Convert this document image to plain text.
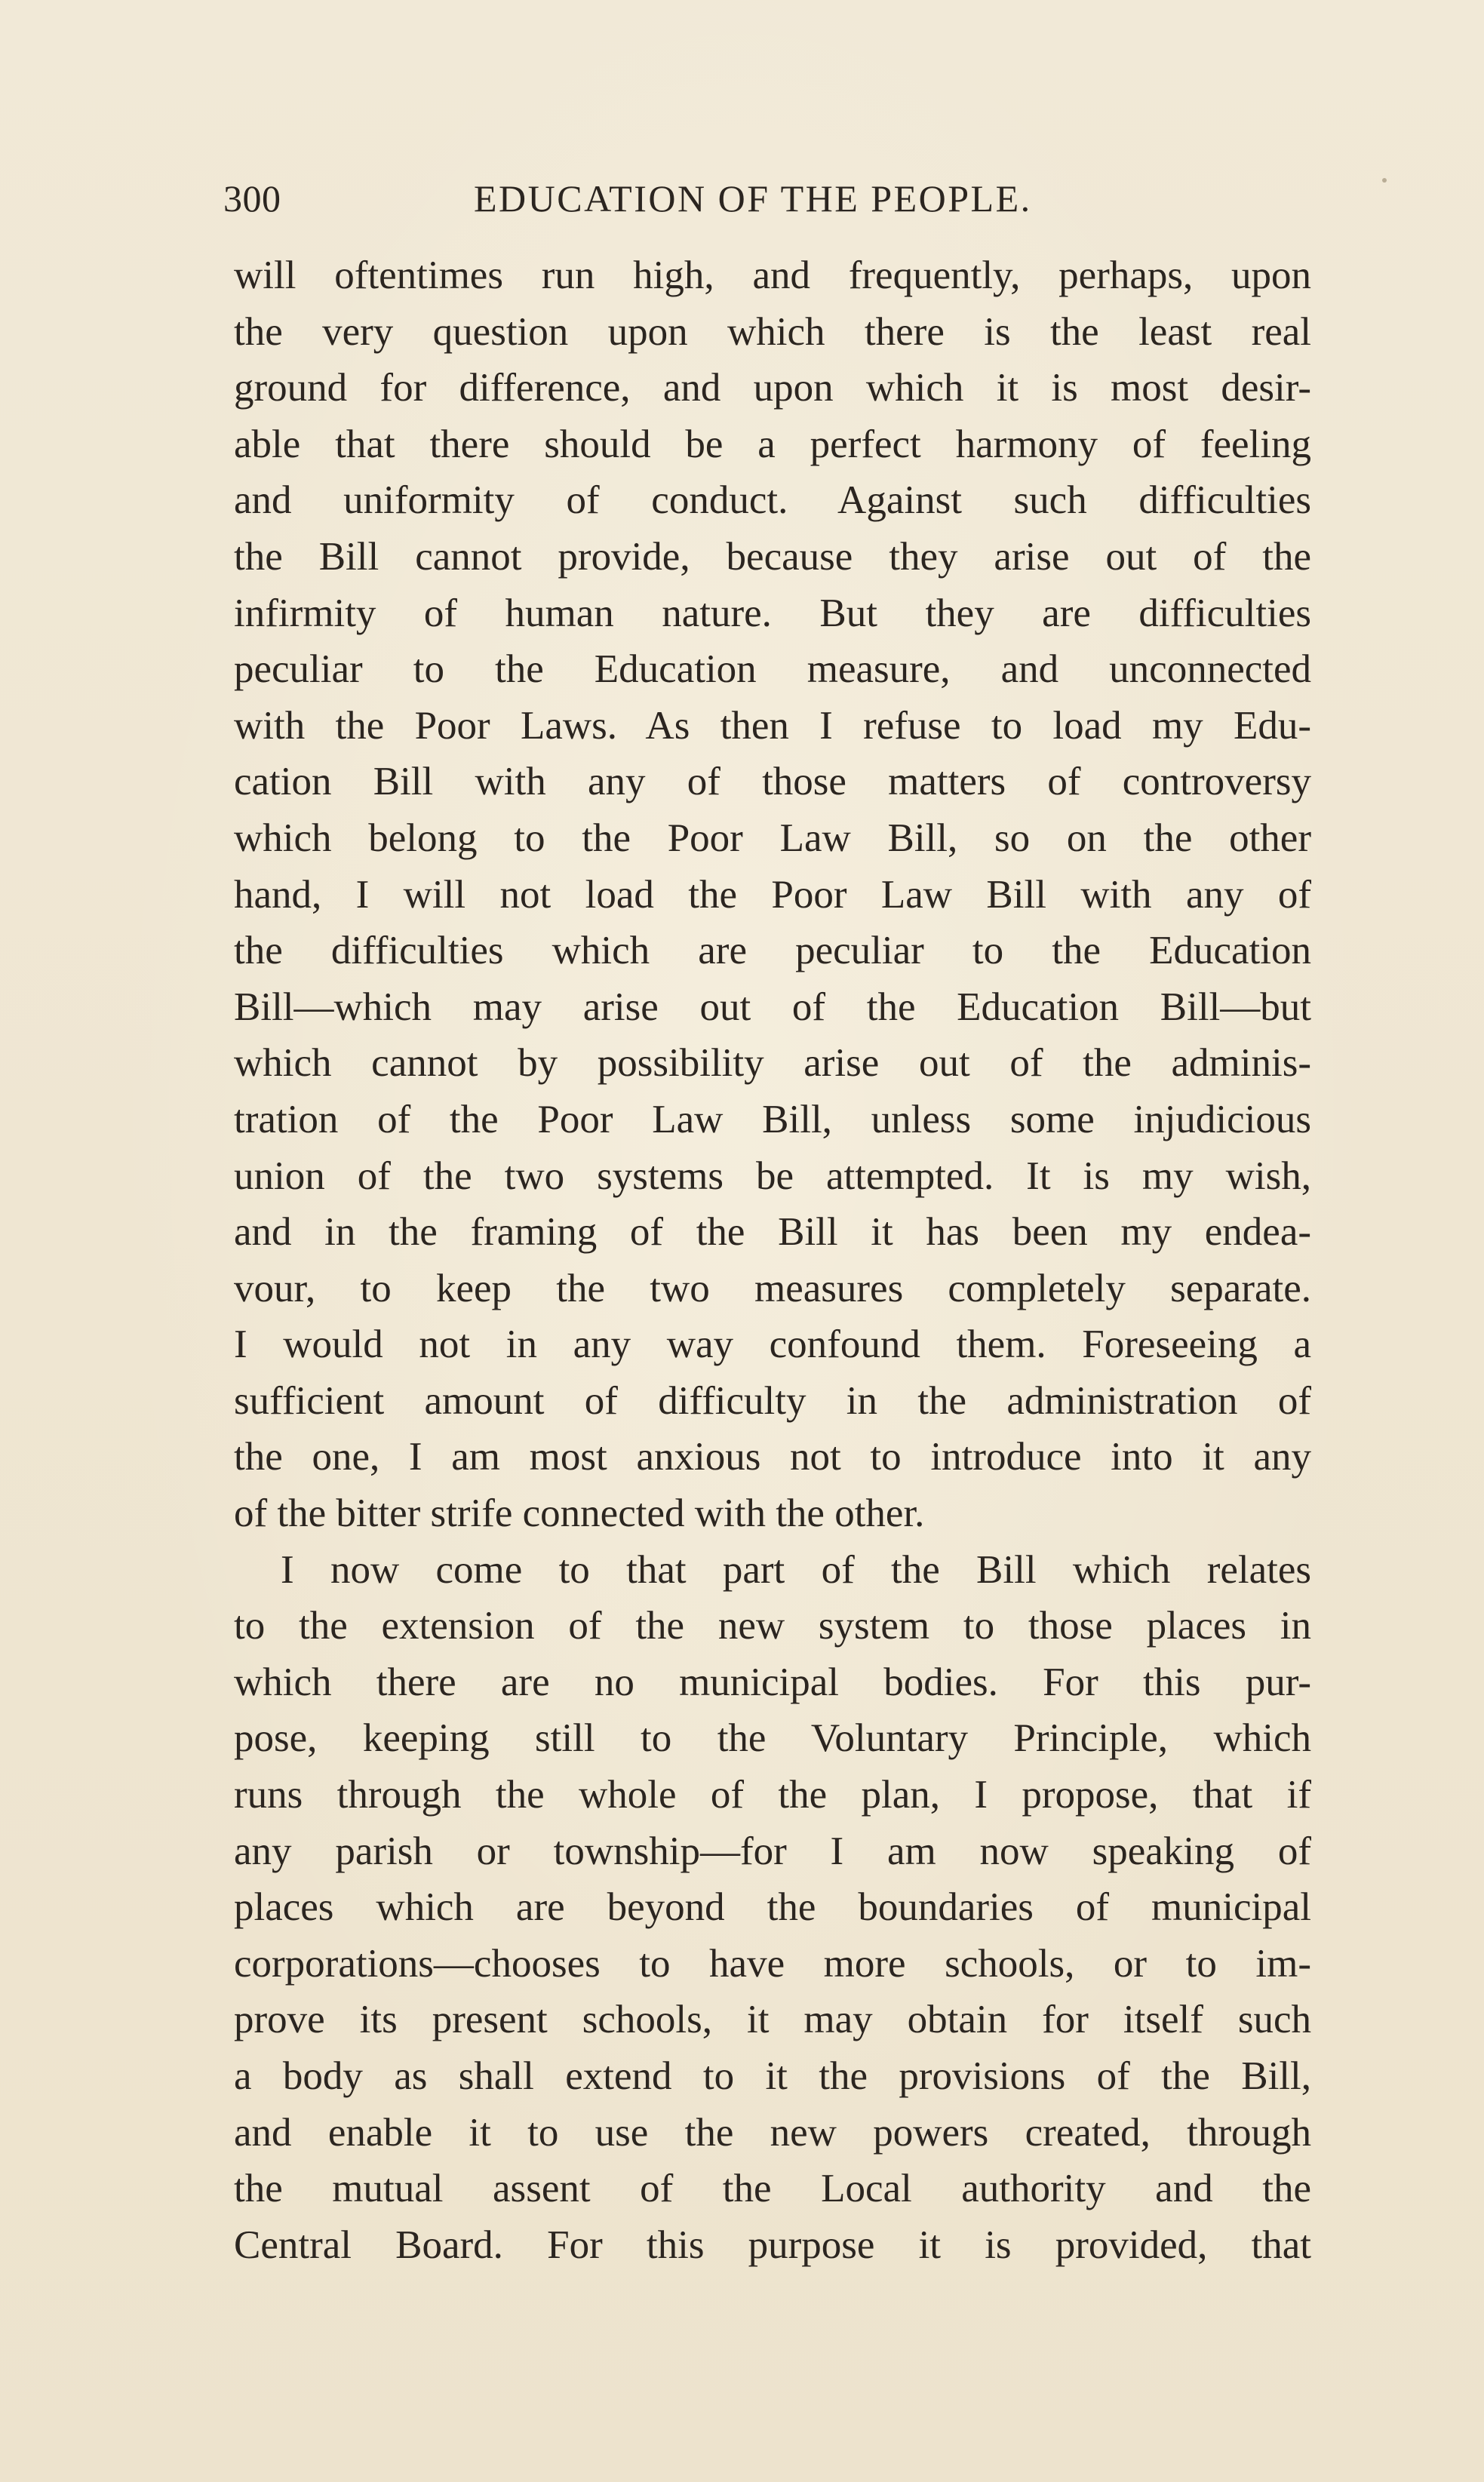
300	EDUCATION OF THE PEOPLE.
will oftentimes run high, and frequently, perhaps, upon
the very question upon which there is the least real
ground for difference, and upon which it is most desir-
able that there should be a perfect harmony of feeling
and uniformity of conduct. Against such difficulties
the Bill cannot provide, because they arise out of the
infirmity of human nature. But they are difficulties
peculiar to the Education measure, and unconnected
with the Poor Laws. As then I refuse to load my Edu-
cation Bill with any of those matters of controversy
which belong to the Poor Law Bill, so on the other
hand, I will not load the Poor Law Bill with any of
the difficulties which are peculiar to the Education
Bill—which may arise out of the Education Bill—but
which cannot by possibility arise out of the adminis-
tration of the Poor Law Bill, unless some injudicious
union of the two systems be attempted. It is my wish,
and in the framing of the Bill it has been my endea-
vour, to keep the two measures completely separate.
I would not in any way confound them. Foreseeing a
sufficient amount of difficulty in the administration of
the one, I am most anxious not to introduce into it any
of the bitter strife connected with the other.
I now come to that part of the Bill which relates
to the extension of the new system to those places in
which there are no municipal bodies. For this pur-
pose, keeping still to the Voluntary Principle, which
runs through the whole of the plan, I propose, that if
any parish or township—for I am now speaking of
places which are beyond the boundaries of municipal
corporations—chooses to have more schools, or to im-
prove its present schools, it may obtain for itself such
a body as shall extend to it the provisions of the Bill,
and enable it to use the new powers created, through
the mutual assent of the Local authority and the
Central Board. For this purpose it is provided, that
